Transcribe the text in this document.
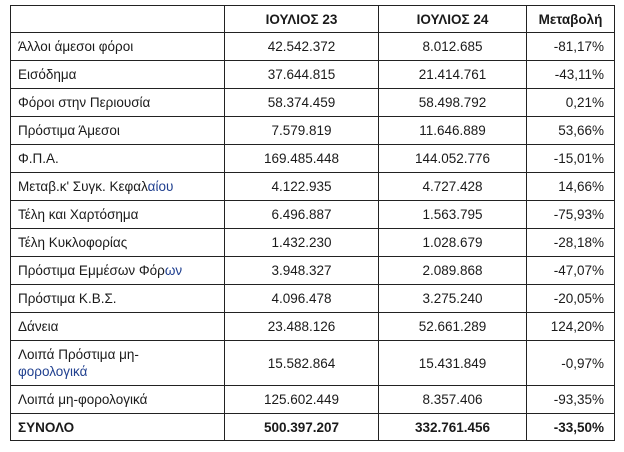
	ΙΟΥΛΙΟΣ 23	ΙΟΥΛΙΟΣ 24	Μεταβολή
Άλλοι άμεσοι φόροι	42.542.372	8.012.685	-81,17%
Εισόδημα	37.644.815	21.414.761	-43,11%
Φόροι στην Περιουσία	58.374.459	58.498.792	0,21%
Πρόστιμα Άμεσοι	7.579.819	11.646.889	53,66%
Φ.Π.Α.	169.485.448	144.052.776	-15,01%
Μεταβ.κ' Συγκ. Κεφαλαίου	4.122.935	4.727.428	14,66%
Τέλη και Χαρτόσημα	6.496.887	1.563.795	-75,93%
Τέλη Κυκλοφορίας	1.432.230	1.028.679	-28,18%
Πρόστιμα Εμμέσων Φόρων	3.948.327	2.089.868	-47,07%
Πρόστιμα Κ.Β.Σ.	4.096.478	3.275.240	-20,05%
Δάνεια	23.488.126	52.661.289	124,20%
Λοιπά Πρόστιμα μη-
φορολογικά	15.582.864	15.431.849	-0,97%
Λοιπά μη-φορολογικά	125.602.449	8.357.406	-93,35%
ΣΥΝΟΛΟ	500.397.207	332.761.456	-33,50%
